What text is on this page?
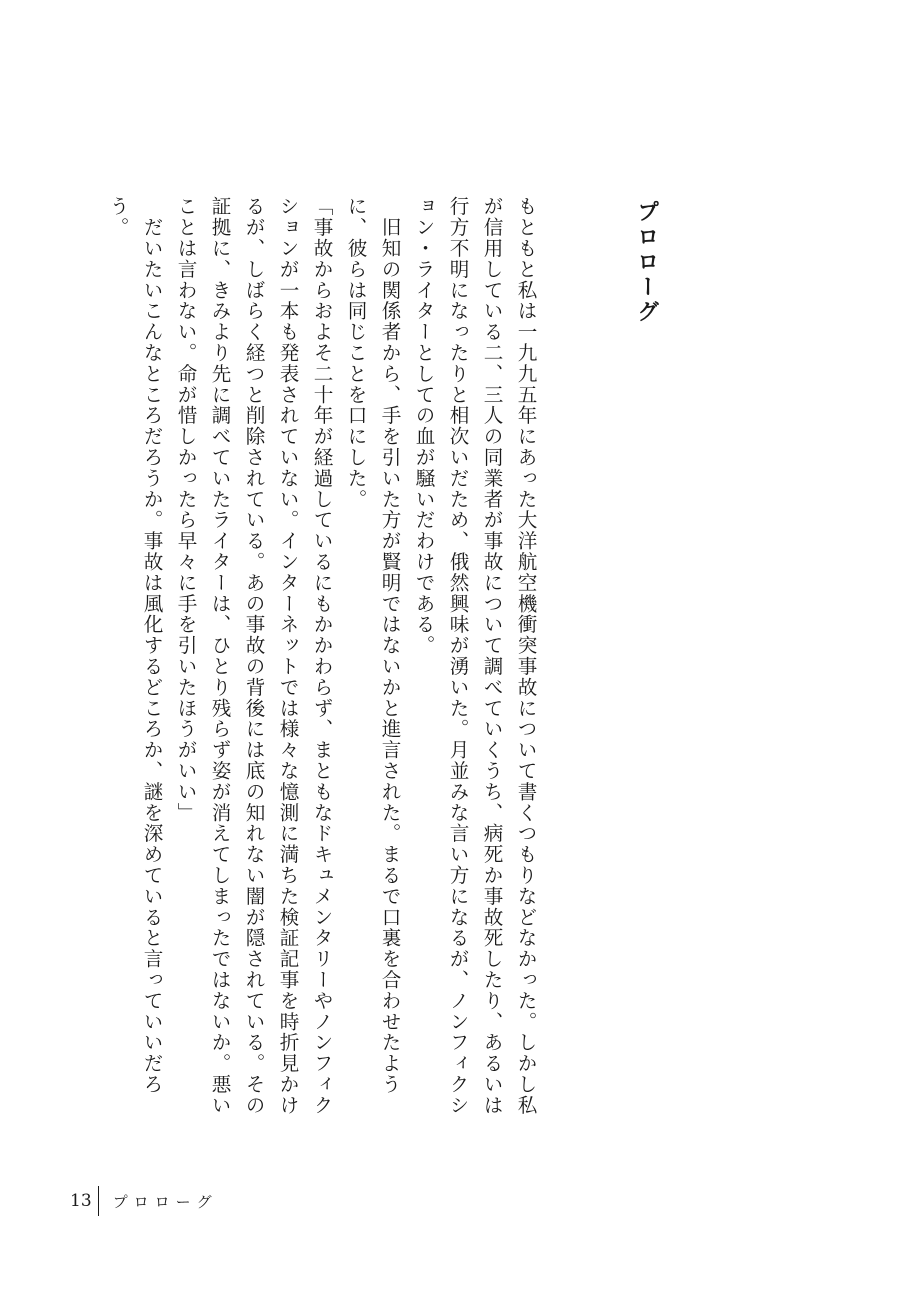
プロローグ

もともと私は一九九五年にあった大洋航空機衝突事故について書くつもりなどなかった。しかし私が信用している二、三人の同業者が事故について調べていくうち、病死か事故死したり、あるいは行方不明になったりと相次いだため、俄然興味が湧いた。月並みな言い方になるが、ノンフィクション・ライターとしての血が騒いだわけである。

　旧知の関係者から、手を引いた方が賢明ではないかと進言された。まるで口裏を合わせたように、彼らは同じことを口にした。

「事故からおよそ二十年が経過しているにもかかわらず、まともなドキュメンタリーやノンフィクションが一本も発表されていない。インターネットでは様々な憶測に満ちた検証記事を時折見かけるが、しばらく経つと削除されている。あの事故の背後には底の知れない闇が隠されている。その証拠に、きみより先に調べていたライターは、ひとり残らず姿が消えてしまったではないか。悪いことは言わない。命が惜しかったら早々に手を引いたほうがいい」

　だいたいこんなところだろうか。事故は風化するどころか、謎を深めていると言っていいだろう。

13	プロローグ
